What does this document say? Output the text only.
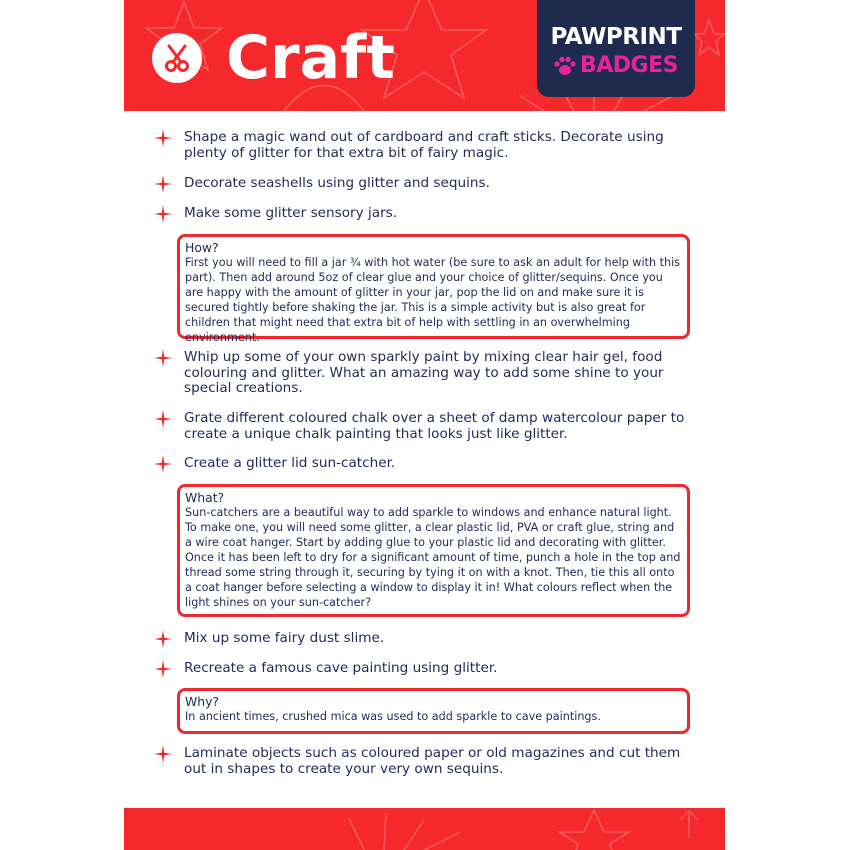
Craft	PAWPRINT
BADGES
Shape a magic wand out of cardboard and craft sticks. Decorate using plenty of glitter for that extra bit of fairy magic.
Decorate seashells using glitter and sequins.
Make some glitter sensory jars.
How?
First you will need to fill a jar ¾ with hot water (be sure to ask an adult for help with this part). Then add around 5oz of clear glue and your choice of glitter/sequins. Once you are happy with the amount of glitter in your jar, pop the lid on and make sure it is secured tightly before shaking the jar. This is a simple activity but is also great for children that might need that extra bit of help with settling in an overwhelming environment.
Whip up some of your own sparkly paint by mixing clear hair gel, food colouring and glitter. What an amazing way to add some shine to your special creations.
Grate different coloured chalk over a sheet of damp watercolour paper to create a unique chalk painting that looks just like glitter.
Create a glitter lid sun-catcher.
What?
Sun-catchers are a beautiful way to add sparkle to windows and enhance natural light. To make one, you will need some glitter, a clear plastic lid, PVA or craft glue, string and a wire coat hanger. Start by adding glue to your plastic lid and decorating with glitter. Once it has been left to dry for a significant amount of time, punch a hole in the top and thread some string through it, securing by tying it on with a knot. Then, tie this all onto a coat hanger before selecting a window to display it in! What colours reflect when the light shines on your sun-catcher?
Mix up some fairy dust slime.
Recreate a famous cave painting using glitter.
Why?
In ancient times, crushed mica was used to add sparkle to cave paintings.
Laminate objects such as coloured paper or old magazines and cut them out in shapes to create your very own sequins.
